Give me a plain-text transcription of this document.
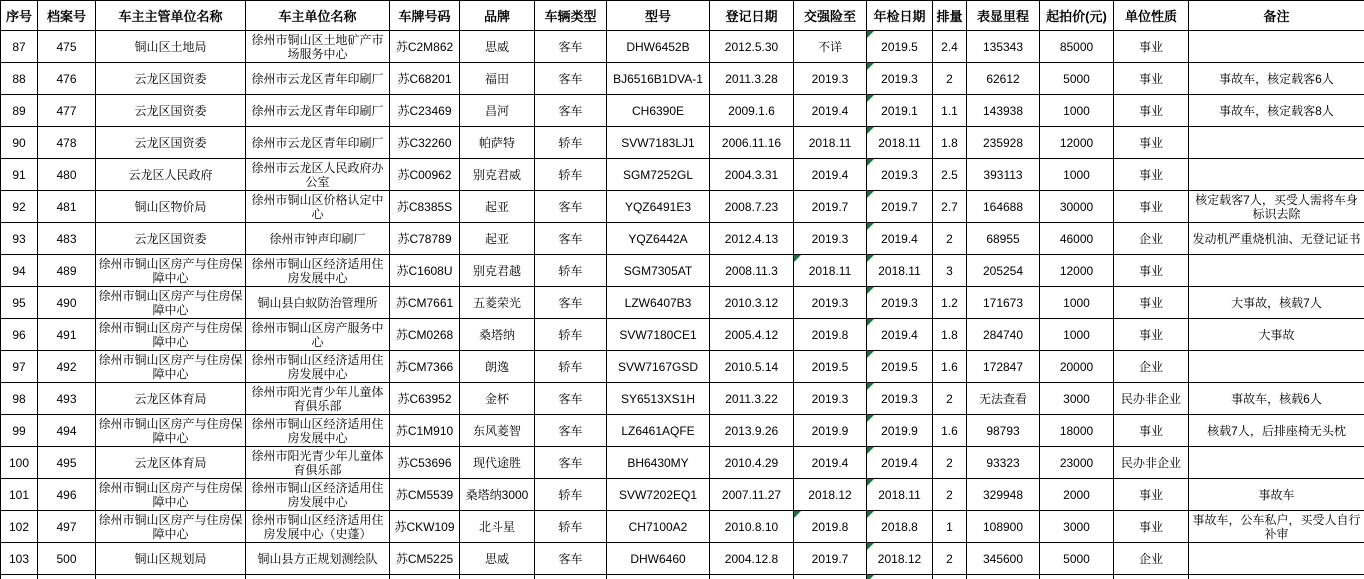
序号	档案号	车主主管单位名称	车主单位名称	车牌号码	品牌	车辆类型	型号	登记日期	交强险至	年检日期	排量	表显里程	起拍价(元)	单位性质	备注
87	475	铜山区土地局	徐州市铜山区土地矿产市场服务中心	苏C2M862	思威	客车	DHW6452B	2012.5.30	不详	2019.5	2.4	135343	85000	事业	
88	476	云龙区国资委	徐州市云龙区青年印刷厂	苏C68201	福田	客车	BJ6516B1DVA-1	2011.3.28	2019.3	2019.3	2	62612	5000	事业	事故车，核定载客6人
89	477	云龙区国资委	徐州市云龙区青年印刷厂	苏C23469	昌河	客车	CH6390E	2009.1.6	2019.4	2019.1	1.1	143938	1000	事业	事故车，核定载客8人
90	478	云龙区国资委	徐州市云龙区青年印刷厂	苏C32260	帕萨特	轿车	SVW7183LJ1	2006.11.16	2018.11	2018.11	1.8	235928	12000	事业	
91	480	云龙区人民政府	徐州市云龙区人民政府办公室	苏C00962	别克君威	轿车	SGM7252GL	2004.3.31	2019.4	2019.3	2.5	393113	1000	事业	
92	481	铜山区物价局	徐州市铜山区价格认定中心	苏C8385S	起亚	客车	YQZ6491E3	2008.7.23	2019.7	2019.7	2.7	164688	30000	事业	核定载客7人，买受人需将车身标识去除
93	483	云龙区国资委	徐州市钟声印刷厂	苏C78789	起亚	客车	YQZ6442A	2012.4.13	2019.3	2019.4	2	68955	46000	企业	发动机严重烧机油、无登记证书
94	489	徐州市铜山区房产与住房保障中心	徐州市铜山区经济适用住房发展中心	苏C1608U	别克君越	轿车	SGM7305AT	2008.11.3	2018.11	2018.11	3	205254	12000	事业	
95	490	徐州市铜山区房产与住房保障中心	铜山县白蚁防治管理所	苏CM7661	五菱荣光	客车	LZW6407B3	2010.3.12	2019.3	2019.3	1.2	171673	1000	事业	大事故，核载7人
96	491	徐州市铜山区房产与住房保障中心	徐州市铜山区房产服务中心	苏CM0268	桑塔纳	轿车	SVW7180CE1	2005.4.12	2019.8	2019.4	1.8	284740	1000	事业	大事故
97	492	徐州市铜山区房产与住房保障中心	徐州市铜山区经济适用住房发展中心	苏CM7366	朗逸	轿车	SVW7167GSD	2010.5.14	2019.5	2019.5	1.6	172847	20000	企业	
98	493	云龙区体育局	徐州市阳光青少年儿童体育俱乐部	苏C63952	金杯	客车	SY6513XS1H	2011.3.22	2019.3	2019.3	2	无法查看	3000	民办非企业	事故车，核载6人
99	494	徐州市铜山区房产与住房保障中心	徐州市铜山区经济适用住房发展中心	苏C1M910	东风菱智	客车	LZ6461AQFE	2013.9.26	2019.9	2019.9	1.6	98793	18000	事业	核载7人，后排座椅无头枕
100	495	云龙区体育局	徐州市阳光青少年儿童体育俱乐部	苏C53696	现代途胜	客车	BH6430MY	2010.4.29	2019.4	2019.4	2	93323	23000	民办非企业	
101	496	徐州市铜山区房产与住房保障中心	徐州市铜山区经济适用住房发展中心	苏CM5539	桑塔纳3000	轿车	SVW7202EQ1	2007.11.27	2018.12	2018.11	2	329948	2000	事业	事故车
102	497	徐州市铜山区房产与住房保障中心	徐州市铜山区经济适用住房发展中心（史蓬）	苏CKW109	北斗星	轿车	CH7100A2	2010.8.10	2019.8	2018.8	1	108900	3000	事业	事故车，公车私户，买受人自行补审
103	500	铜山区规划局	铜山县方正规划测绘队	苏CM5225	思威	客车	DHW6460	2004.12.8	2019.7	2018.12	2	345600	5000	企业	
